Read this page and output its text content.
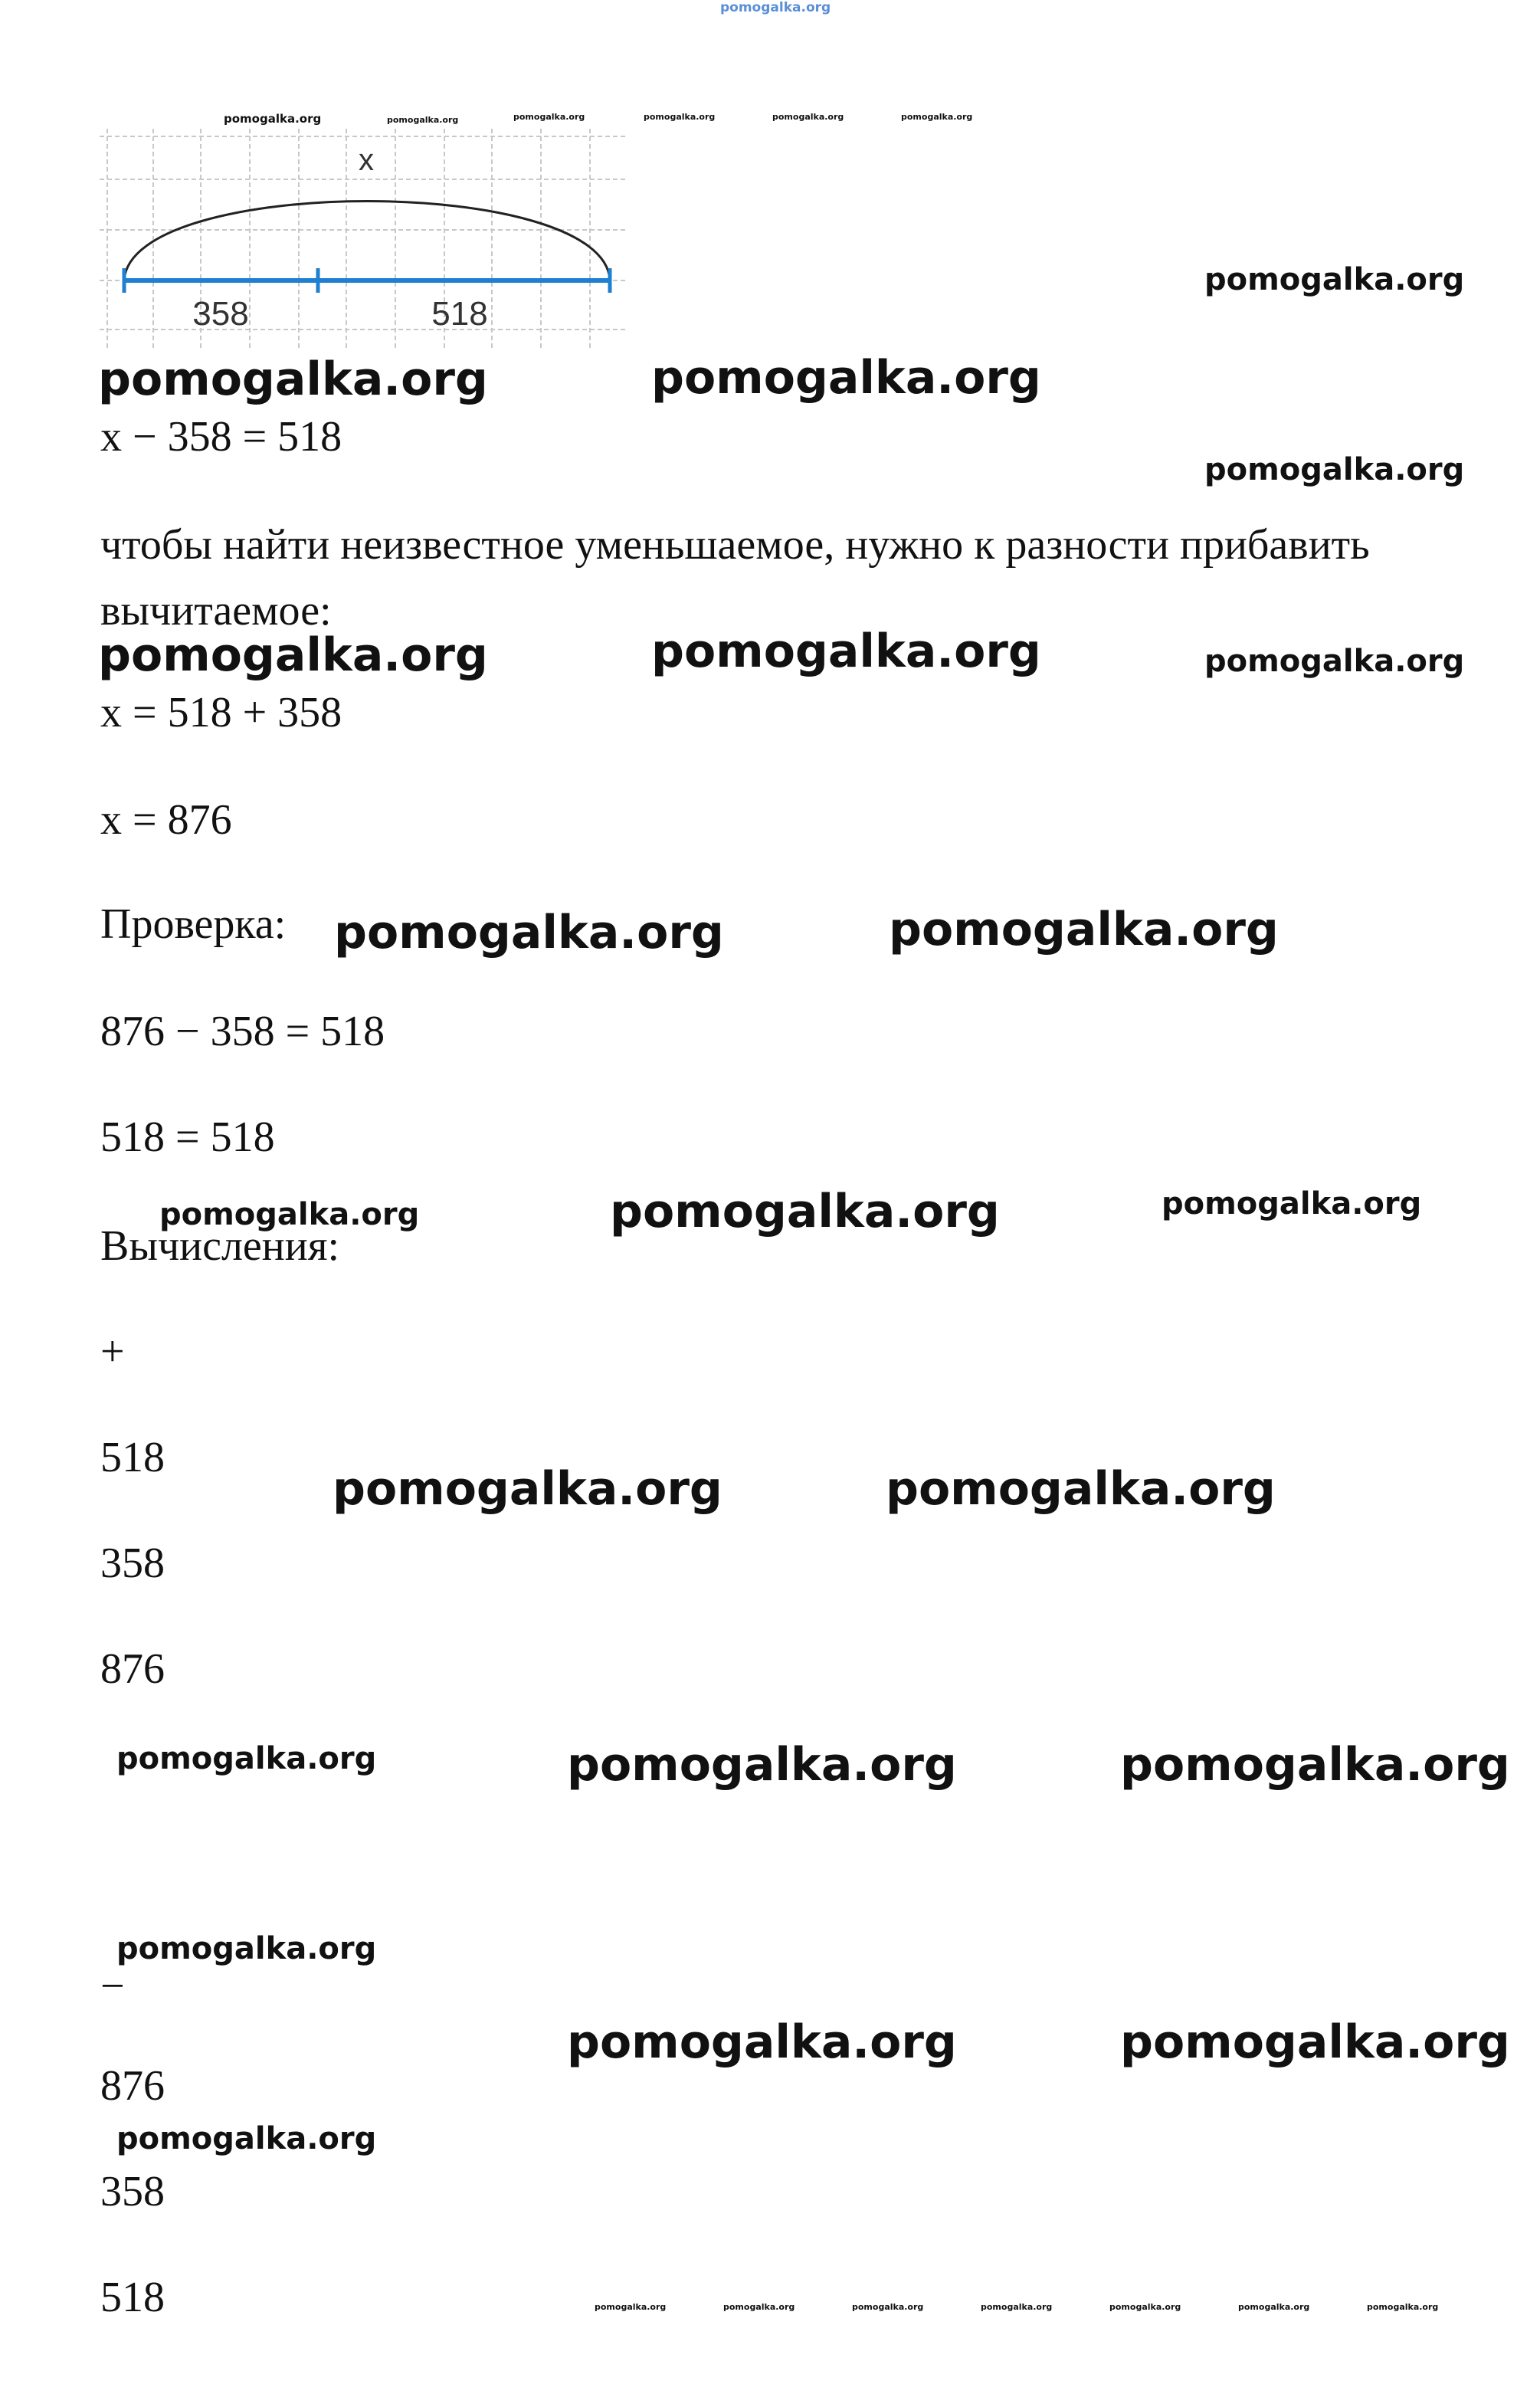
pomogalka.org
x
358	518
pomogalka.org	pomogalka.org	pomogalka.org	pomogalka.org	pomogalka.org	pomogalka.org
pomogalka.org
pomogalka.org	pomogalka.org
pomogalka.org
x − 358 = 518
чтобы найти неизвестное уменьшаемое, нужно к разности прибавить вычитаемое:
pomogalka.org	pomogalka.org	pomogalka.org
x = 518 + 358
x = 876
Проверка: pomogalka.org	pomogalka.org
876 − 358 = 518
518 = 518
Вычисления:
pomogalka.org	pomogalka.org	pomogalka.org
+
518
pomogalka.org	pomogalka.org
358
876
pomogalka.org	pomogalka.org	pomogalka.org
−
pomogalka.org
pomogalka.org	pomogalka.org
876
pomogalka.org
358
518	pomogalka.org	pomogalka.org	pomogalka.org	pomogalka.org	pomogalka.org	pomogalka.org	pomogalka.org
